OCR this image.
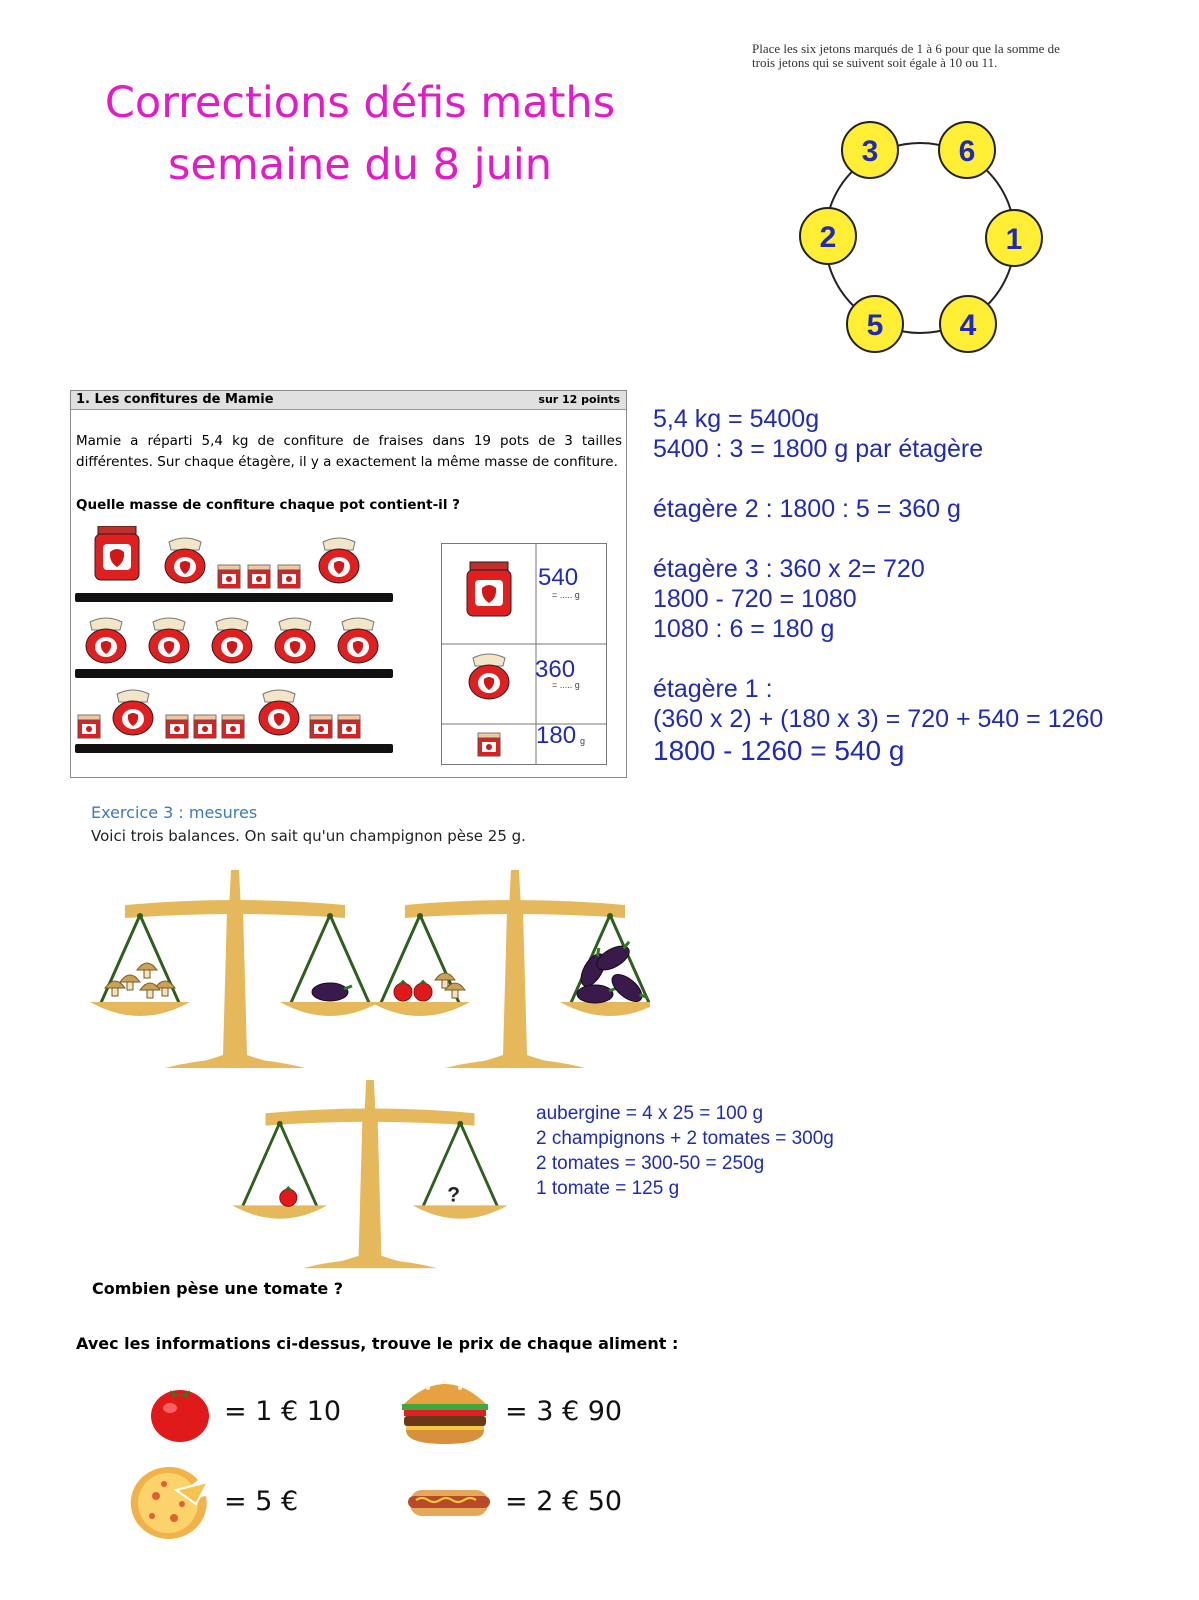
Corrections défis maths
semaine du 8 juin
Place les six jetons marqués de 1 à 6 pour que la somme de
trois jetons qui se suivent soit égale à 10 ou 11.
3	6
1
4
5
2
1. Les confitures de Mamie	sur 12 points
Mamie a réparti 5,4 kg de confiture de fraises dans 19 pots de 3 tailles différentes. Sur chaque étagère, il y a exactement la même masse de confiture.
Quelle masse de confiture chaque pot contient-il ?
540
= ..... g
360
= ..... g
180 g
5,4 kg = 5400g
5400 : 3 = 1800 g par étagère
étagère 2 : 1800 : 5 = 360 g
étagère 3 : 360 x 2= 720
1800 - 720 = 1080
1080 : 6 = 180 g
étagère 1 :
(360 x 2) + (180 x 3) = 720 + 540 = 1260
1800 - 1260 = 540 g
Exercice 3 : mesures
Voici trois balances. On sait qu'un champignon pèse 25 g.
?
aubergine = 4 x 25 = 100 g
2 champignons + 2 tomates = 300g
2 tomates = 300-50 = 250g
1 tomate = 125 g
Combien pèse une tomate ?
Avec les informations ci-dessus, trouve le prix de chaque aliment :
= 1 € 10	= 3 € 90
= 5 €	= 2 € 50
